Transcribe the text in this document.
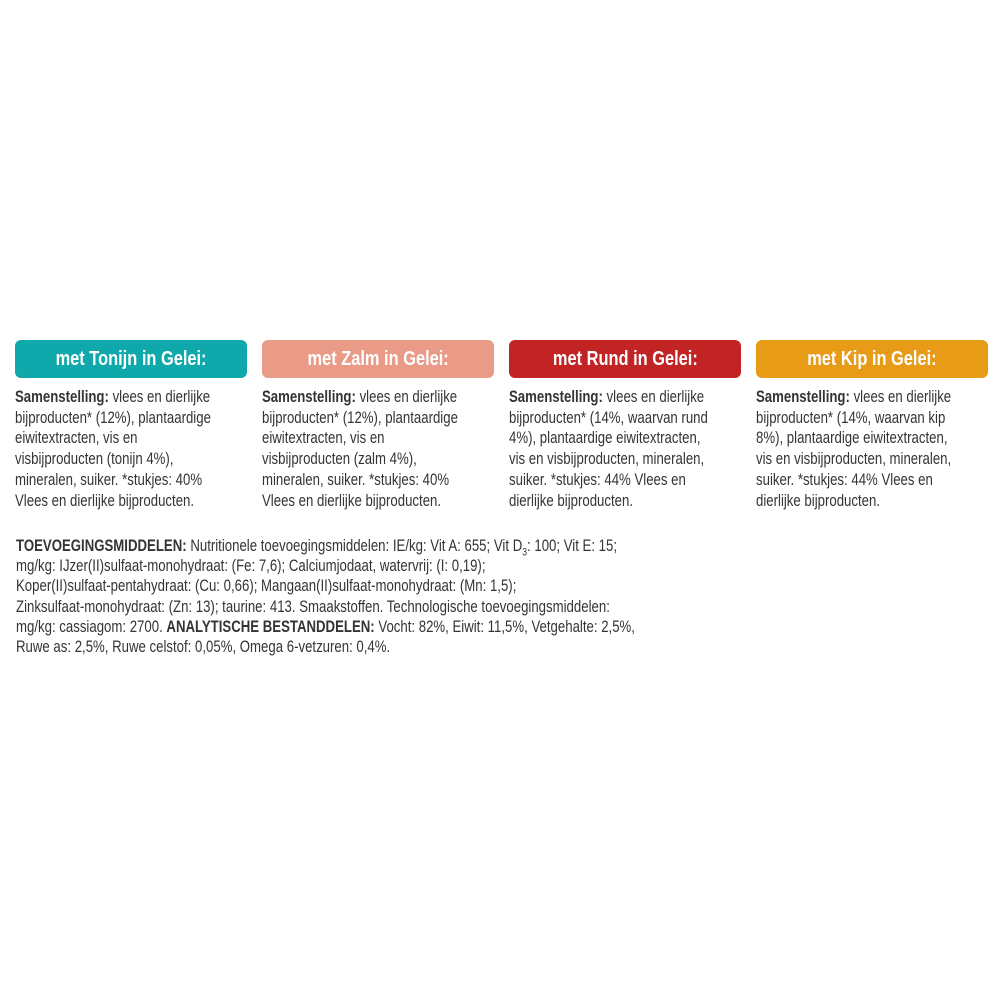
met Tonijn in Gelei:
Samenstelling: vlees en dierlijke
bijproducten* (12%), plantaardige
eiwitextracten, vis en
visbijproducten (tonijn 4%),
mineralen, suiker. *stukjes: 40%
Vlees en dierlijke bijproducten.
met Zalm in Gelei:
Samenstelling: vlees en dierlijke
bijproducten* (12%), plantaardige
eiwitextracten, vis en
visbijproducten (zalm 4%),
mineralen, suiker. *stukjes: 40%
Vlees en dierlijke bijproducten.
met Rund in Gelei:
Samenstelling: vlees en dierlijke
bijproducten* (14%, waarvan rund
4%), plantaardige eiwitextracten,
vis en visbijproducten, mineralen,
suiker. *stukjes: 44% Vlees en
dierlijke bijproducten.
met Kip in Gelei:
Samenstelling: vlees en dierlijke
bijproducten* (14%, waarvan kip
8%), plantaardige eiwitextracten,
vis en visbijproducten, mineralen,
suiker. *stukjes: 44% Vlees en
dierlijke bijproducten.
TOEVOEGINGSMIDDELEN: Nutritionele toevoegingsmiddelen: IE/kg: Vit A: 655; Vit $D_3$: 100; Vit E: 15;
mg/kg: IJzer(II)sulfaat-monohydraat: (Fe: 7,6); Calciumjodaat, watervrij: (I: 0,19);
Koper(II)sulfaat-pentahydraat: (Cu: 0,66); Mangaan(II)sulfaat-monohydraat: (Mn: 1,5);
Zinksulfaat-monohydraat: (Zn: 13); taurine: 413. Smaakstoffen. Technologische toevoegingsmiddelen:
mg/kg: cassiagom: 2700. ANALYTISCHE BESTANDDELEN: Vocht: 82%, Eiwit: 11,5%, Vetgehalte: 2,5%,
Ruwe as: 2,5%, Ruwe celstof: 0,05%, Omega 6-vetzuren: 0,4%.
